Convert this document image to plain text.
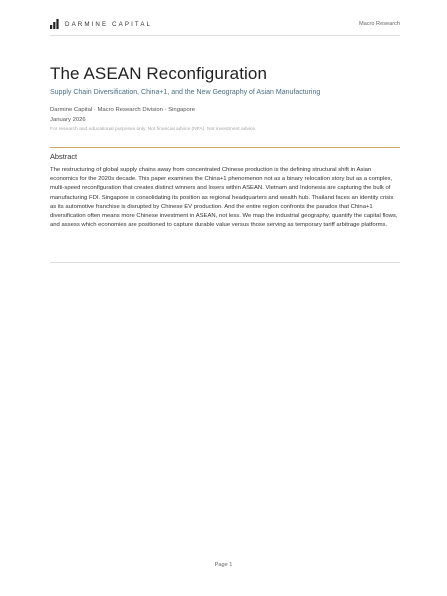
DARMINE CAPITAL	Macro Research
The ASEAN Reconfiguration
Supply Chain Diversification, China+1, and the New Geography of Asian Manufacturing
Darmine Capital · Macro Research Division · Singapore
January 2026
For research and educational purposes only. Not financial advice (NFA). Not investment advice.
Abstract

The restructuring of global supply chains away from concentrated Chinese production is the defining structural shift in Asian economics for the 2020s decade. This paper examines the China+1 phenomenon not as a binary relocation story but as a complex, multi-speed reconfiguration that creates distinct winners and losers within ASEAN. Vietnam and Indonesia are capturing the bulk of manufacturing FDI. Singapore is consolidating its position as regional headquarters and wealth hub. Thailand faces an identity crisis as its automotive franchise is disrupted by Chinese EV production. And the entire region confronts the paradox that China+1 diversification often means more Chinese investment in ASEAN, not less. We map the industrial geography, quantify the capital flows, and assess which economies are positioned to capture durable value versus those serving as temporary tariff arbitrage platforms.

Page 1
